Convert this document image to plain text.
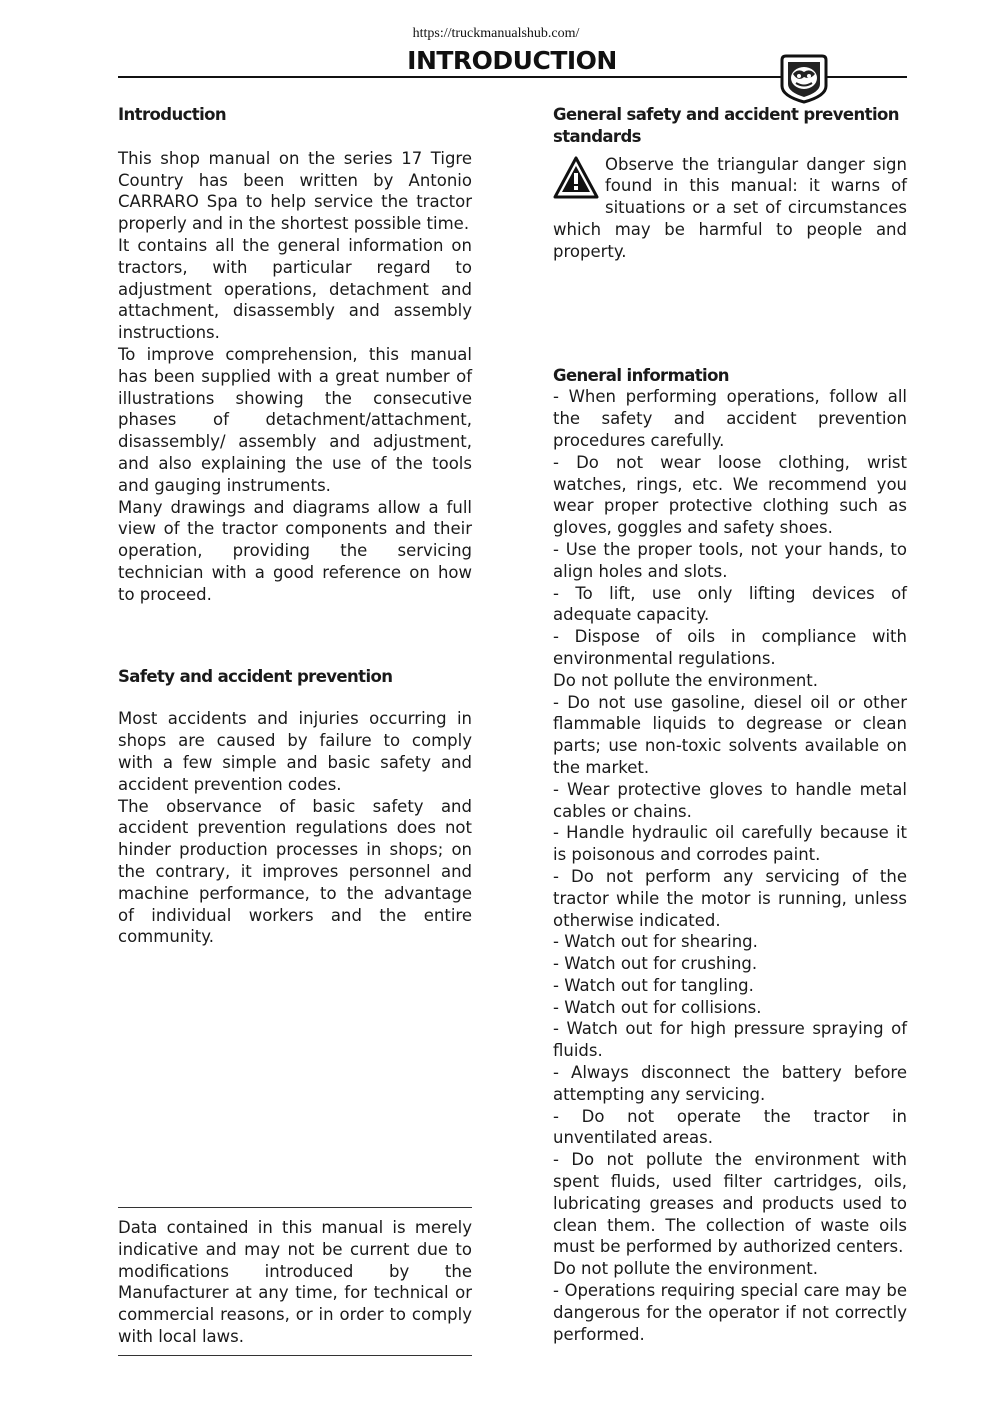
https://truckmanualshub.com/
INTRODUCTION
Introduction

This shop manual on the series 17 Tigre Country has been written by Antonio CARRARO Spa to help service the tractor properly and in the shortest possible time.

It contains all the general information on tractors, with particular regard to adjustment operations, detachment and attachment, disassembly and assembly instructions.

To improve comprehension, this manual has been supplied with a great number of illustrations showing the consecutive phases of detachment/attachment, disassembly/ assembly and adjustment, and also explaining the use of the tools and gauging instruments.

Many drawings and diagrams allow a full view of the tractor components and their operation, providing the servicing technician with a good reference on how to proceed.

Safety and accident prevention

Most accidents and injuries occurring in shops are caused by failure to comply with a few simple and basic safety and accident prevention codes.

The observance of basic safety and accident prevention regulations does not hinder production processes in shops; on the contrary, it improves personnel and machine performance, to the advantage of individual workers and the entire community.

Data contained in this manual is merely indicative and may not be current due to modifications introduced by the Manufacturer at any time, for technical or commercial reasons, or in order to comply with local laws.
General safety and accident prevention standards
Observe the triangular danger sign found in this manual: it warns of situations or a set of circumstances which may be harmful to people and property.
General information

- When performing operations, follow all the safety and accident prevention procedures carefully.

- Do not wear loose clothing, wrist watches, rings, etc. We recommend you wear proper protective clothing such as gloves, goggles and safety shoes.

- Use the proper tools, not your hands, to align holes and slots.

- To lift, use only lifting devices of adequate capacity.

- Dispose of oils in compliance with environmental regulations.

Do not pollute the environment.

- Do not use gasoline, diesel oil or other flammable liquids to degrease or clean parts; use non-toxic solvents available on the market.

- Wear protective gloves to handle metal cables or chains.

- Handle hydraulic oil carefully because it is poisonous and corrodes paint.

- Do not perform any servicing of the tractor while the motor is running, unless otherwise indicated.

- Watch out for shearing.

- Watch out for crushing.

- Watch out for tangling.

- Watch out for collisions.

- Watch out for high pressure spraying of fluids.

- Always disconnect the battery before attempting any servicing.

- Do not operate the tractor in unventilated areas.

- Do not pollute the environment with spent fluids, used filter cartridges, oils, lubricating greases and products used to clean them. The collection of waste oils must be performed by authorized centers.

Do not pollute the environment.

- Operations requiring special care may be dangerous for the operator if not correctly performed.
